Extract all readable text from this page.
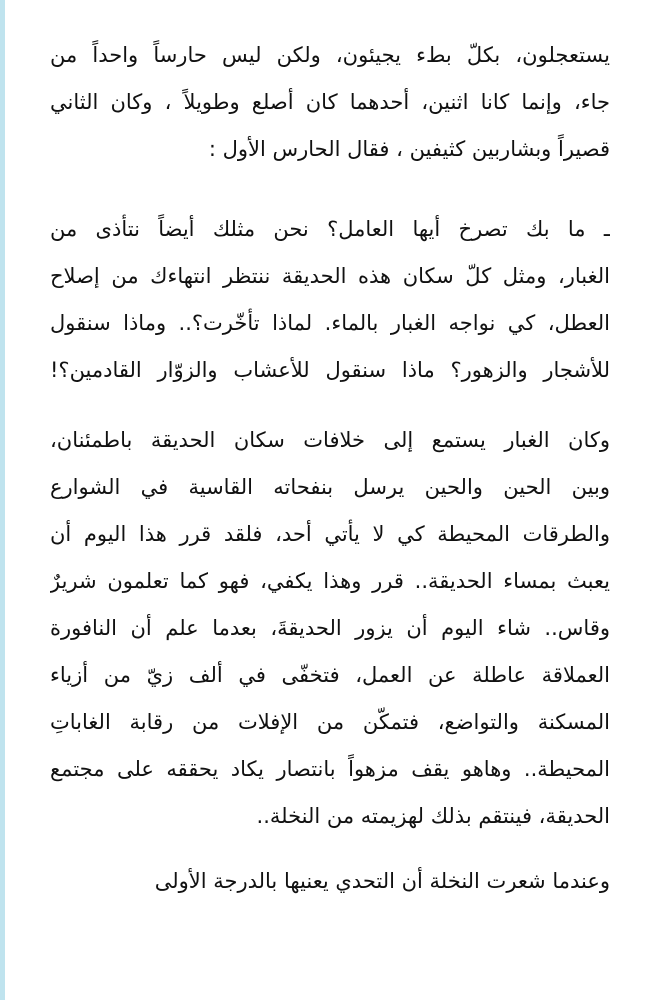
يستعجلون، بكلّ بطء يجيئون، ولكن ليس حارساً واحداً من
جاء، وإنما كانا اثنين، أحدهما كان أصلع وطويلاً ، وكان الثاني
قصيراً وبشاربين كثيفين ، فقال الحارس الأول :
ـ ما بك تصرخ أيها العامل؟ نحن مثلك أيضاً نتأذى من
الغبار، ومثل كلّ سكان هذه الحديقة ننتظر انتهاءك من إصلاح
العطل، كي نواجه الغبار بالماء. لماذا تأخّرت؟.. وماذا سنقول
للأشجار والزهور؟ ماذا سنقول للأعشاب والزوّار القادمين؟!
وكان الغبار يستمع إلى خلافات سكان الحديقة باطمئنان،
وبين الحين والحين يرسل بنفحاته القاسية في الشوارع
والطرقات المحيطة كي لا يأتي أحد، فلقد قرر هذا اليوم أن
يعبث بمساء الحديقة.. قرر وهذا يكفي، فهو كما تعلمون شريرٌ
وقاس.. شاء اليوم أن يزور الحديقةَ، بعدما علم أن النافورة
العملاقة عاطلة عن العمل، فتخفّى في ألف زيّ من أزياء
المسكنة والتواضع، فتمكّن من الإفلات من رقابة الغاباتِ
المحيطة.. وهاهو يقف مزهواً بانتصار يكاد يحققه على مجتمع
الحديقة، فينتقم بذلك لهزيمته من النخلة..
وعندما شعرت النخلة أن التحدي يعنيها بالدرجة الأولى
